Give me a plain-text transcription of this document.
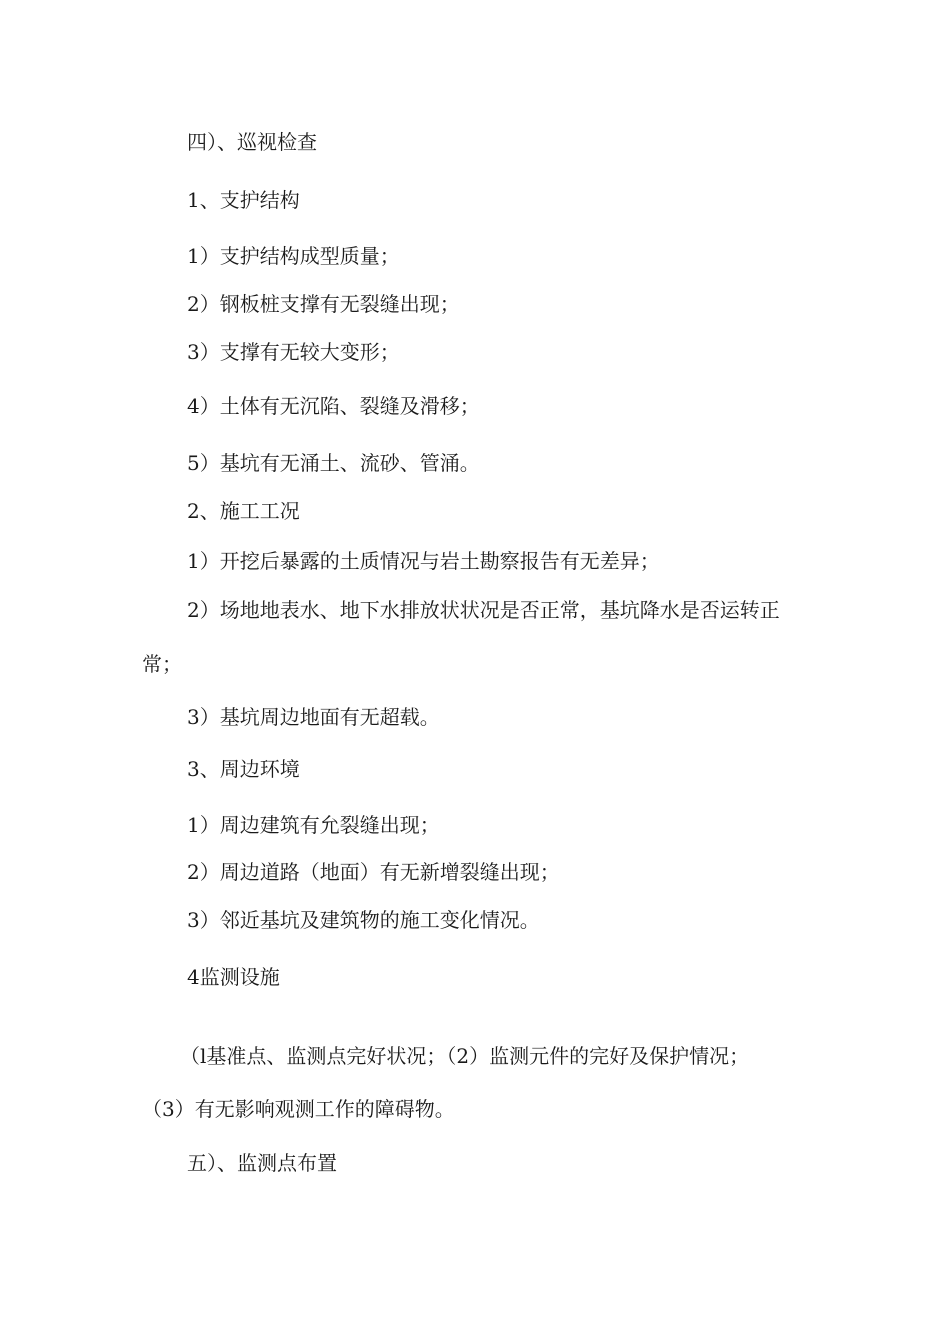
四）、巡视检查
1、支护结构
1）支护结构成型质量；
2）钢板桩支撑有无裂缝出现；
3）支撑有无较大变形；
4）土体有无沉陷、裂缝及滑移；
5）基坑有无涌土、流砂、管涌。
2、施工工况
1）开挖后暴露的土质情况与岩土勘察报告有无差异；
2）场地地表水、地下水排放状状况是否正常，基坑降水是否运转正
常；
3）基坑周边地面有无超载。
3、周边环境
1）周边建筑有允裂缝出现；
2）周边道路（地面）有无新增裂缝出现；
3）邻近基坑及建筑物的施工变化情况。
4监测设施
（l基准点、监测点完好状况；（2）监测元件的完好及保护情况；
（3）有无影响观测工作的障碍物。
五）、监测点布置
